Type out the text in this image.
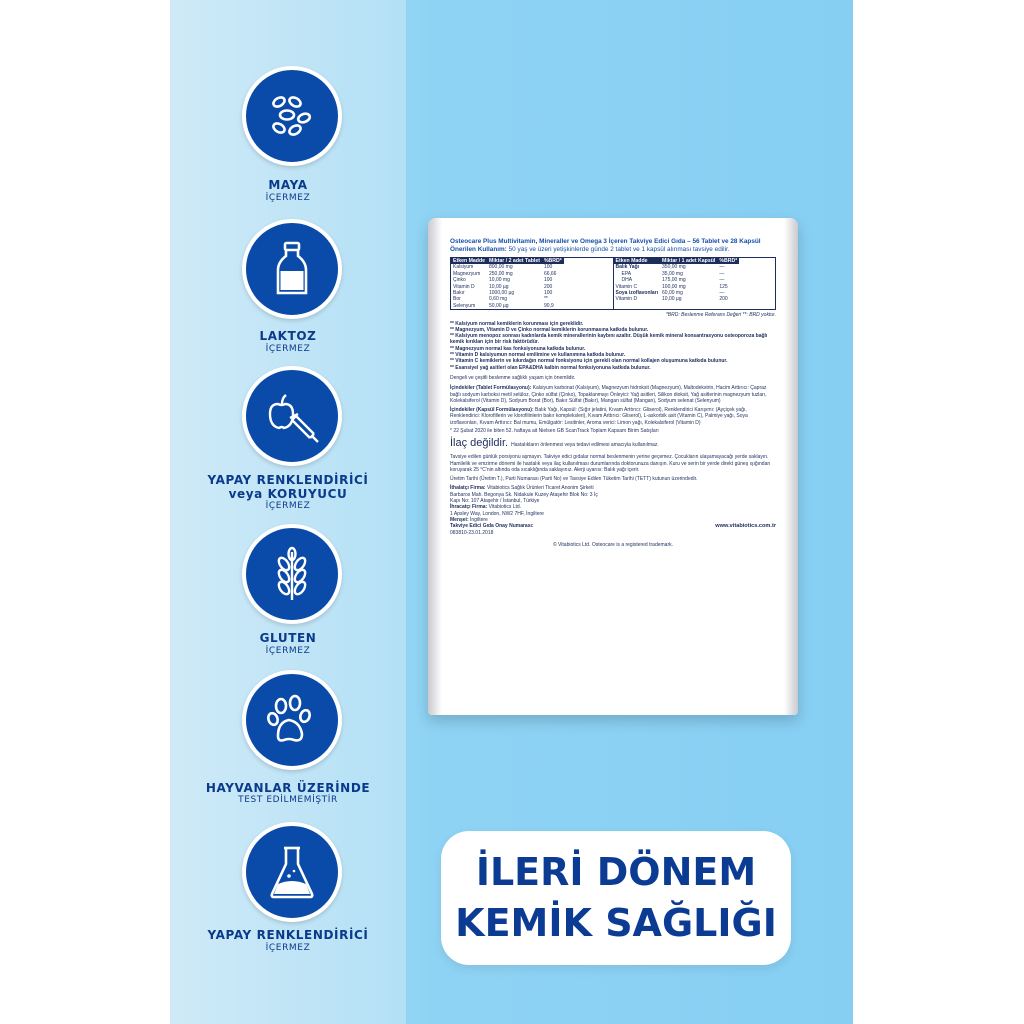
MAYA
İÇERMEZ
LAKTOZ
İÇERMEZ
YAPAY RENKLENDİRİCİ
veya KORUYUCU
İÇERMEZ
GLUTEN
İÇERMEZ
HAYVANLAR ÜZERİNDE
TEST EDİLMEMİŞTİR
YAPAY RENKLENDİRİCİ
İÇERMEZ
Osteocare Plus Multivitamin, Mineraller ve Omega 3 İçeren Takviye Edici Gıda – 56 Tablet ve 28 Kapsül
Önerilen Kullanım: 50 yaş ve üzeri yetişkinlerde günde 2 tablet ve 1 kapsül alınması tavsiye edilir.
Etken Madde	Miktar / 2 adet Tablet	%BRD*
Kalsiyum	800,00 mg	100
Magnezyum	250,00 mg	66,66
Çinko	10,00 mg	100
Vitamin D	10,00 µg	200
Bakır	1000,00 µg	100
Bor	0,60 mg	**
Selenyum	50,00 µg	90,9
Etken Madde	Miktar / 1 adet Kapsül	%BRD*
Balık Yağı	350,00 mg	—
EPA	35,00 mg	—
DHA	175,00 mg	—
Vitamin C	100,00 mg	125
Soya izoflavonları	60,00 mg	—
Vitamin D	10,00 µg	200
*BRD: Beslenme Referans Değeri **: BRD yoktur.
** Kalsiyum normal kemiklerin korunması için gereklidir.
** Magnezyum, Vitamin D ve Çinko normal kemiklerin korunmasına katkıda bulunur.
** Kalsiyum menopoz sonrası kadınlarda kemik minerallerinin kaybını azaltır. Düşük kemik mineral konsantrasyonu osteoporoza bağlı kemik kırıkları için bir risk faktörüdür.
** Magnezyum normal kas fonksiyonuna katkıda bulunur.
** Vitamin D kalsiyumun normal emilimine ve kullanımına katkıda bulunur.
** Vitamin C kemiklerin ve kıkırdağın normal fonksiyonu için gerekli olan normal kollajen oluşumuna katkıda bulunur.
** Esansiyel yağ asitleri olan EPA&DHA kalbin normal fonksiyonuna katkıda bulunur.
Dengeli ve çeşitli beslenme sağlıklı yaşam için önemlidir.
İçindekiler (Tablet Formülasyonu): Kalsiyum karbonat (Kalsiyum), Magnezyum hidroksit (Magnezyum), Maltodekstrin, Hacim Arttırıcı: Çapraz bağlı sodyum karboksi metil selüloz, Çinko sülfat (Çinko), Topaklanmayı Önleyici: Yağ asitleri, Silikon dioksit, Yağ asitlerinin magnezyum tuzları, Kolekalsiferol (Vitamin D), Sodyum Borat (Bor), Bakır Sülfat (Bakır), Mangan sülfat (Mangan), Sodyum selenat (Selenyum)
İçindekiler (Kapsül Formülasyonu): Balık Yağı, Kapsül: (Sığır jelatini, Kıvam Arttırıcı: Gliserol), Renklendirici Karışımı: (Ayçiçek yağı, Renklendirici: Klorofillerin ve klorofilinlerin bakır kompleksleri), Kıvam Arttırıcı: Gliserol), L-askorbik asit (Vitamin C), Palmiye yağı, Soya izoflavonları, Kıvam Arttırıcı: Bal mumu, Emülgatör: Lesitinler, Aroma verici: Limon yağı, Kolekalsiferol (Vitamin D)
* 22 Şubat 2020 ile biten 52. haftaya ait Nielsen GB ScanTrack Toplam Kapsam Birim Satışları
İlaç değildir. Hastalıkların önlenmesi veya tedavi edilmesi amacıyla kullanılmaz.
Tavsiye edilen günlük porsiyonu aşmayın. Takviye edici gıdalar normal beslenmenin yerine geçemez. Çocukların ulaşamayacağı yerde saklayın. Hamilelik ve emzirme dönemi ile hastalık veya ilaç kullanılması durumlarında doktorunuza danışın. Kuru ve serin bir yerde direkt güneş ışığından koruyarak 25 °C'nin altında oda sıcaklığında saklayınız. Alerji uyarısı: Balık yağı içerir.
Üretim Tarihi (Üretim T.), Parti Numarası (Parti No) ve Tavsiye Edilen Tüketim Tarihi (TETT) kutunun üzerindedir.
İthalatçı Firma: Vitabiotics Sağlık Ürünleri Ticaret Anonim Şirketi
Barbaros Mah. Begonya Sk. Nidakule Kuzey Ataşehir Blok No: 3 İç
Kapı No: 107 Ataşehir / İstanbul, Türkiye
İhracatçı Firma: Vitabiotics Ltd.
1 Apsley Way, London, NW2 7HF, İngiltere
Menşei: İngiltere
Takviye Edici Gıda Onay Numarası:	www.vitabiotics.com.tr
083810-23.01.2018
© Vitabiotics Ltd. Osteocare is a registered trademark.
İLERİ DÖNEM
KEMİK SAĞLIĞI
